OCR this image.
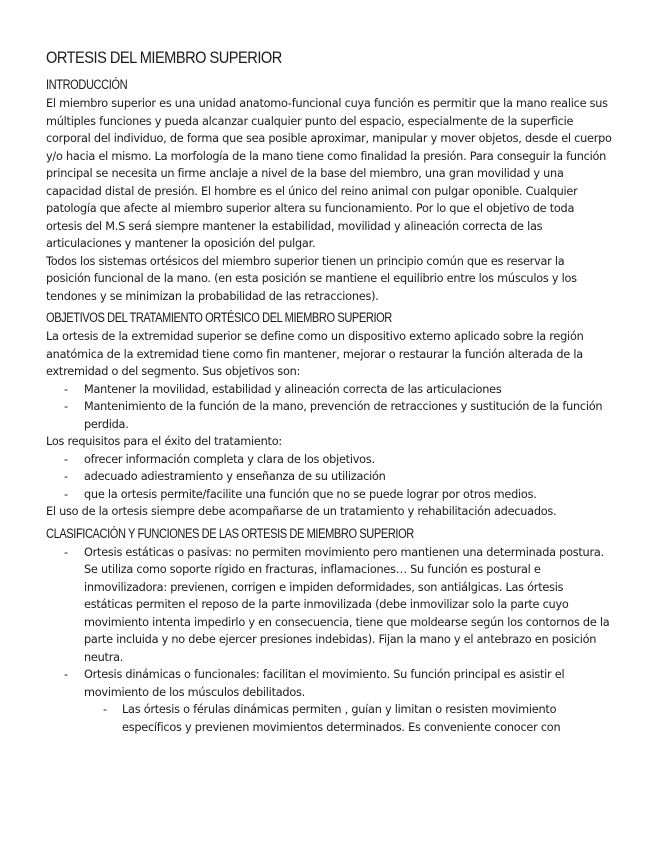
ORTESIS DEL MIEMBRO SUPERIOR
INTRODUCCIÓN

El miembro superior es una unidad anatomo-funcional cuya función es permitir que la mano realice sus múltiples funciones y pueda alcanzar cualquier punto del espacio, especialmente de la superficie corporal del individuo, de forma que sea posible aproximar, manipular y mover objetos, desde el cuerpo y/o hacia el mismo. La morfología de la mano tiene como finalidad la presión. Para conseguir la función principal se necesita un firme anclaje a nivel de la base del miembro, una gran movilidad y una capacidad distal de presión. El hombre es el único del reino animal con pulgar oponible. Cualquier patología que afecte al miembro superior altera su funcionamiento. Por lo que el objetivo de toda ortesis del M.S será siempre mantener la estabilidad, movilidad y alineación correcta de las articulaciones y mantener la oposición del pulgar.

Todos los sistemas ortésicos del miembro superior tienen un principio común que es reservar la posición funcional de la mano. (en esta posición se mantiene el equilibrio entre los músculos y los tendones y se minimizan la probabilidad de las retracciones).

OBJETIVOS DEL TRATAMIENTO ORTÉSICO DEL MIEMBRO SUPERIOR

La ortesis de la extremidad superior se define como un dispositivo externo aplicado sobre la región anatómica de la extremidad tiene como fin mantener, mejorar o restaurar la función alterada de la extremidad o del segmento. Sus objetivos son:

- Mantener la movilidad, estabilidad y alineación correcta de las articulaciones
- Mantenimiento de la función de la mano, prevención de retracciones y sustitución de la función perdida.

Los requisitos para el éxito del tratamiento:

- ofrecer información completa y clara de los objetivos.
- adecuado adiestramiento y enseñanza de su utilización
- que la ortesis permite/facilite una función que no se puede lograr por otros medios.

El uso de la ortesis siempre debe acompañarse de un tratamiento y rehabilitación adecuados.

CLASIFICACIÓN Y FUNCIONES DE LAS ORTESIS DE MIEMBRO SUPERIOR
- Ortesis estáticas o pasivas: no permiten movimiento pero mantienen una determinada postura. Se utiliza como soporte rígido en fracturas, inflamaciones… Su función es postural e inmovilizadora: previenen, corrigen e impiden deformidades, son antiálgicas. Las órtesis estáticas permiten el reposo de la parte inmovilizada (debe inmovilizar solo la parte cuyo movimiento intenta impedirlo y en consecuencia, tiene que moldearse según los contornos de la parte incluida y no debe ejercer presiones indebidas). Fijan la mano y el antebrazo en posición neutra.
- Ortesis dinámicas o funcionales: facilitan el movimiento. Su función principal es asistir el movimiento de los músculos debilitados.
- Las órtesis o férulas dinámicas permiten , guían y limitan o resisten movimiento específicos y previenen movimientos determinados. Es conveniente conocer con
